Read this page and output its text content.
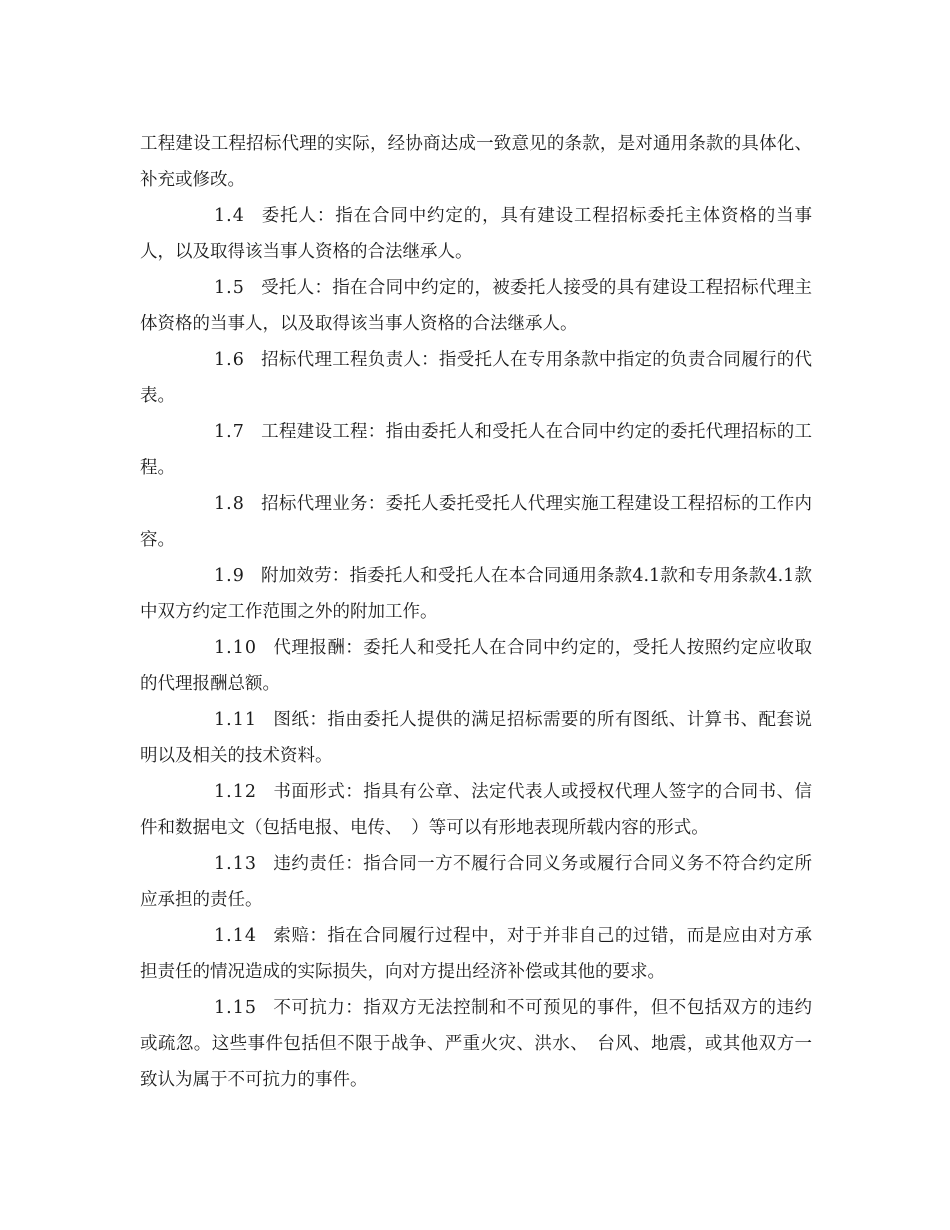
工程建设工程招标代理的实际，经协商达成一致意见的条款，是对通用条款的具体化、补充或修改。

1.4 委托人：指在合同中约定的，具有建设工程招标委托主体资格的当事人，以及取得该当事人资格的合法继承人。

1.5 受托人：指在合同中约定的，被委托人接受的具有建设工程招标代理主体资格的当事人，以及取得该当事人资格的合法继承人。

1.6 招标代理工程负责人：指受托人在专用条款中指定的负责合同履行的代表。

1.7 工程建设工程：指由委托人和受托人在合同中约定的委托代理招标的工程。

1.8 招标代理业务：委托人委托受托人代理实施工程建设工程招标的工作内容。

1.9 附加效劳：指委托人和受托人在本合同通用条款4.1款和专用条款4.1款中双方约定工作范围之外的附加工作。

1.10 代理报酬：委托人和受托人在合同中约定的，受托人按照约定应收取的代理报酬总额。

1.11 图纸：指由委托人提供的满足招标需要的所有图纸、计算书、配套说明以及相关的技术资料。

1.12 书面形式：指具有公章、法定代表人或授权代理人签字的合同书、信件和数据电文（包括电报、电传、　）等可以有形地表现所载内容的形式。

1.13 违约责任：指合同一方不履行合同义务或履行合同义务不符合约定所应承担的责任。

1.14 索赔：指在合同履行过程中，对于并非自己的过错，而是应由对方承担责任的情况造成的实际损失，向对方提出经济补偿或其他的要求。

1.15 不可抗力：指双方无法控制和不可预见的事件，但不包括双方的违约或疏忽。这些事件包括但不限于战争、严重火灾、洪水、　台风、地震，或其他双方一致认为属于不可抗力的事件。
